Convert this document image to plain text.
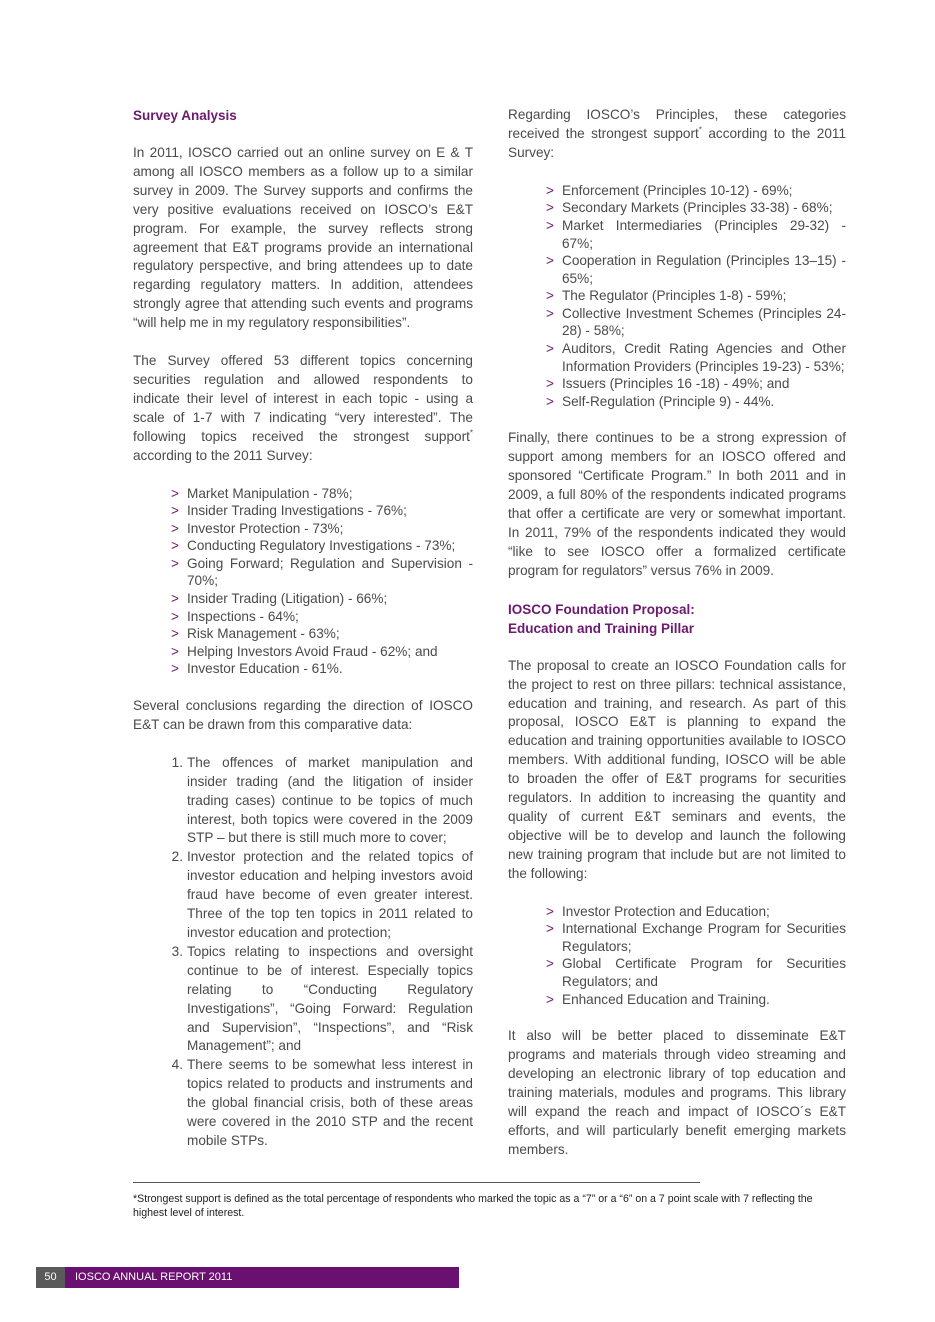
Survey Analysis

In 2011, IOSCO carried out an online survey on E & T among all IOSCO members as a follow up to a similar survey in 2009. The Survey supports and confirms the very positive evaluations received on IOSCO’s E&T program. For example, the survey reflects strong agreement that E&T programs provide an international regulatory perspective, and bring attendees up to date regarding regulatory matters. In addition, attendees strongly agree that attending such events and programs “will help me in my regulatory responsibilities”.

The Survey offered 53 different topics concerning securities regulation and allowed respondents to indicate their level of interest in each topic - using a scale of 1-7 with 7 indicating “very interested”. The following topics received the strongest support* according to the 2011 Survey:

> Market Manipulation - 78%;
> Insider Trading Investigations - 76%;
> Investor Protection - 73%;
> Conducting Regulatory Investigations - 73%;
> Going Forward; Regulation and Supervision - 70%;
> Insider Trading (Litigation) - 66%;
> Inspections - 64%;
> Risk Management - 63%;
> Helping Investors Avoid Fraud - 62%; and
> Investor Education - 61%.

Several conclusions regarding the direction of IOSCO E&T can be drawn from this comparative data:

1. The offences of market manipulation and insider trading (and the litigation of insider trading cases) continue to be topics of much interest, both topics were covered in the 2009 STP – but there is still much more to cover;
2. Investor protection and the related topics of investor education and helping investors avoid fraud have become of even greater interest. Three of the top ten topics in 2011 related to investor education and protection;
3. Topics relating to inspections and oversight continue to be of interest. Especially topics relating to “Conducting Regulatory Investigations”, “Going Forward: Regulation and Supervision”, “Inspections”, and “Risk Management”; and
4. There seems to be somewhat less interest in topics related to products and instruments and the global financial crisis, both of these areas were covered in the 2010 STP and the recent mobile STPs.

Regarding IOSCO’s Principles, these categories received the strongest support* according to the 2011 Survey:

> Enforcement (Principles 10-12) - 69%;
> Secondary Markets (Principles 33-38) - 68%;
> Market Intermediaries (Principles 29-32) - 67%;
> Cooperation in Regulation (Principles 13–15) - 65%;
> The Regulator (Principles 1-8) - 59%;
> Collective Investment Schemes (Principles 24-28) - 58%;
> Auditors, Credit Rating Agencies and Other Information Providers (Principles 19-23) - 53%;
> Issuers (Principles 16 -18) - 49%; and
> Self-Regulation (Principle 9) - 44%.

Finally, there continues to be a strong expression of support among members for an IOSCO offered and sponsored “Certificate Program.” In both 2011 and in 2009, a full 80% of the respondents indicated programs that offer a certificate are very or somewhat important. In 2011, 79% of the respondents indicated they would “like to see IOSCO offer a formalized certificate program for regulators” versus 76% in 2009.

IOSCO Foundation Proposal:
Education and Training Pillar

The proposal to create an IOSCO Foundation calls for the project to rest on three pillars: technical assistance, education and training, and research. As part of this proposal, IOSCO E&T is planning to expand the education and training opportunities available to IOSCO members. With additional funding, IOSCO will be able to broaden the offer of E&T programs for securities regulators. In addition to increasing the quantity and quality of current E&T seminars and events, the objective will be to develop and launch the following new training program that include but are not limited to the following:

> Investor Protection and Education;
> International Exchange Program for Securities Regulators;
> Global Certificate Program for Securities Regulators; and
> Enhanced Education and Training.

It also will be better placed to disseminate E&T programs and materials through video streaming and developing an electronic library of top education and training materials, modules and programs. This library will expand the reach and impact of IOSCO´s E&T efforts, and will particularly benefit emerging markets members.

*Strongest support is defined as the total percentage of respondents who marked the topic as a “7” or a “6” on a 7 point scale with 7 reflecting the highest level of interest.
50	IOSCO ANNUAL REPORT 2011
